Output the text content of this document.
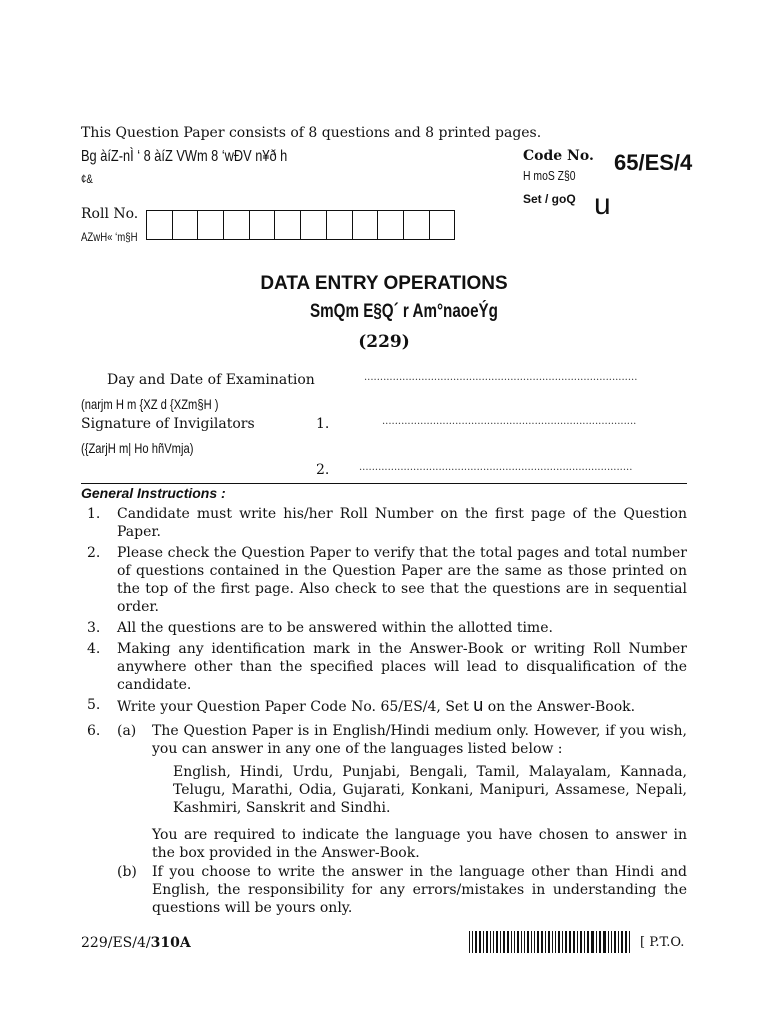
This Question Paper consists of 8 questions and 8 printed pages.
Bg àíZ-nÌ ‘ 8 àíZ VWm 8 ‘wÐV n¥ð h
¢&
Code No. 65/ES/4
H moS Z§0
Set / goQ u
Roll No.
AZwH« ‘m§H
DATA ENTRY OPERATIONS
SmQm E§Q´ r Am°naoeÝg
(229)
Day and Date of Examination	......................................................................................
(narjm H m {XZ d {XZm§H )
Signature of Invigilators	1.	................................................................................
({ZarjH m| Ho hñVmja)
2.	......................................................................................
General Instructions :
1. Candidate must write his/her Roll Number on the first page of the Question Paper.
2. Please check the Question Paper to verify that the total pages and total number of questions contained in the Question Paper are the same as those printed on the top of the first page. Also check to see that the questions are in sequential order.
3. All the questions are to be answered within the allotted time.
4. Making any identification mark in the Answer-Book or writing Roll Number anywhere other than the specified places will lead to disqualification of the candidate.
5. Write your Question Paper Code No. 65/ES/4, Set u on the Answer-Book.
6. (a) The Question Paper is in English/Hindi medium only. However, if you wish, you can answer in any one of the languages listed below :
English, Hindi, Urdu, Punjabi, Bengali, Tamil, Malayalam, Kannada, Telugu, Marathi, Odia, Gujarati, Konkani, Manipuri, Assamese, Nepali, Kashmiri, Sanskrit and Sindhi.
You are required to indicate the language you have chosen to answer in the box provided in the Answer-Book.
(b) If you choose to write the answer in the language other than Hindi and English, the responsibility for any errors/mistakes in understanding the questions will be yours only.
229/ES/4/310A	[ P.T.O.
